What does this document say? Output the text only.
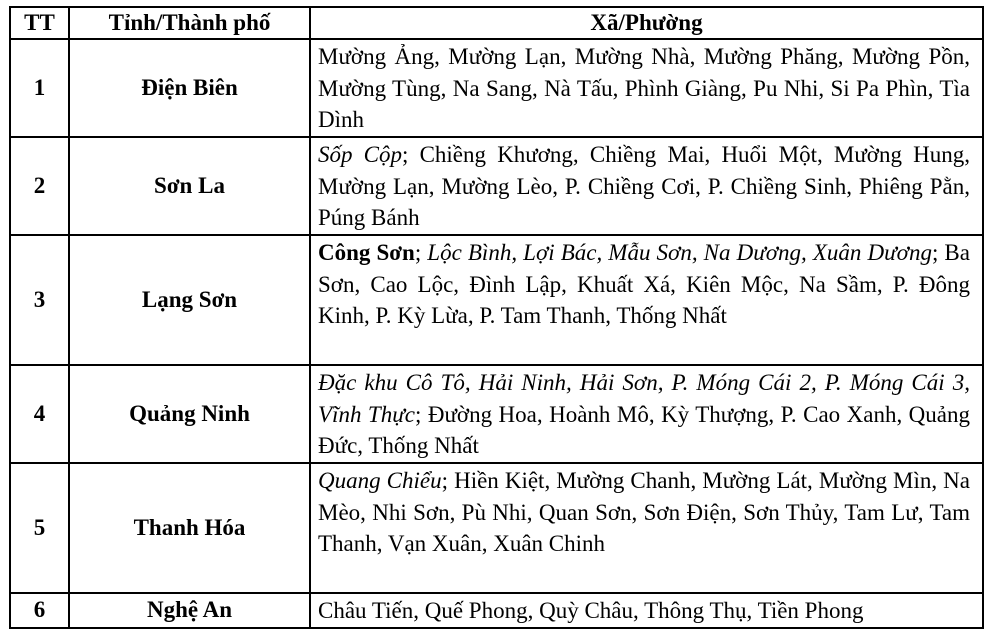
TT	Tỉnh/Thành phố	Xã/Phường
1	Điện Biên	Mường Ảng, Mường Lạn, Mường Nhà, Mường Phăng, Mường Pồn, Mường Tùng, Na Sang, Nà Tấu, Phình Giàng, Pu Nhi, Si Pa Phìn, Tìa Dình
2	Sơn La	Sốp Cộp; Chiềng Khương, Chiềng Mai, Huổi Một, Mường Hung, Mường Lạn, Mường Lèo, P. Chiềng Cơi, P. Chiềng Sinh, Phiêng Pằn, Púng Bánh
3	Lạng Sơn	Công Sơn; Lộc Bình, Lợi Bác, Mẫu Sơn, Na Dương, Xuân Dương; Ba Sơn, Cao Lộc, Đình Lập, Khuất Xá, Kiên Mộc, Na Sầm, P. Đông Kinh, P. Kỳ Lừa, P. Tam Thanh, Thống Nhất
4	Quảng Ninh	Đặc khu Cô Tô, Hải Ninh, Hải Sơn, P. Móng Cái 2, P. Móng Cái 3, Vĩnh Thực; Đường Hoa, Hoành Mô, Kỳ Thượng, P. Cao Xanh, Quảng Đức, Thống Nhất
5	Thanh Hóa	Quang Chiểu; Hiền Kiệt, Mường Chanh, Mường Lát, Mường Mìn, Na Mèo, Nhi Sơn, Pù Nhi, Quan Sơn, Sơn Điện, Sơn Thủy, Tam Lư, Tam Thanh, Vạn Xuân, Xuân Chinh
6	Nghệ An	Châu Tiến, Quế Phong, Quỳ Châu, Thông Thụ, Tiền Phong
